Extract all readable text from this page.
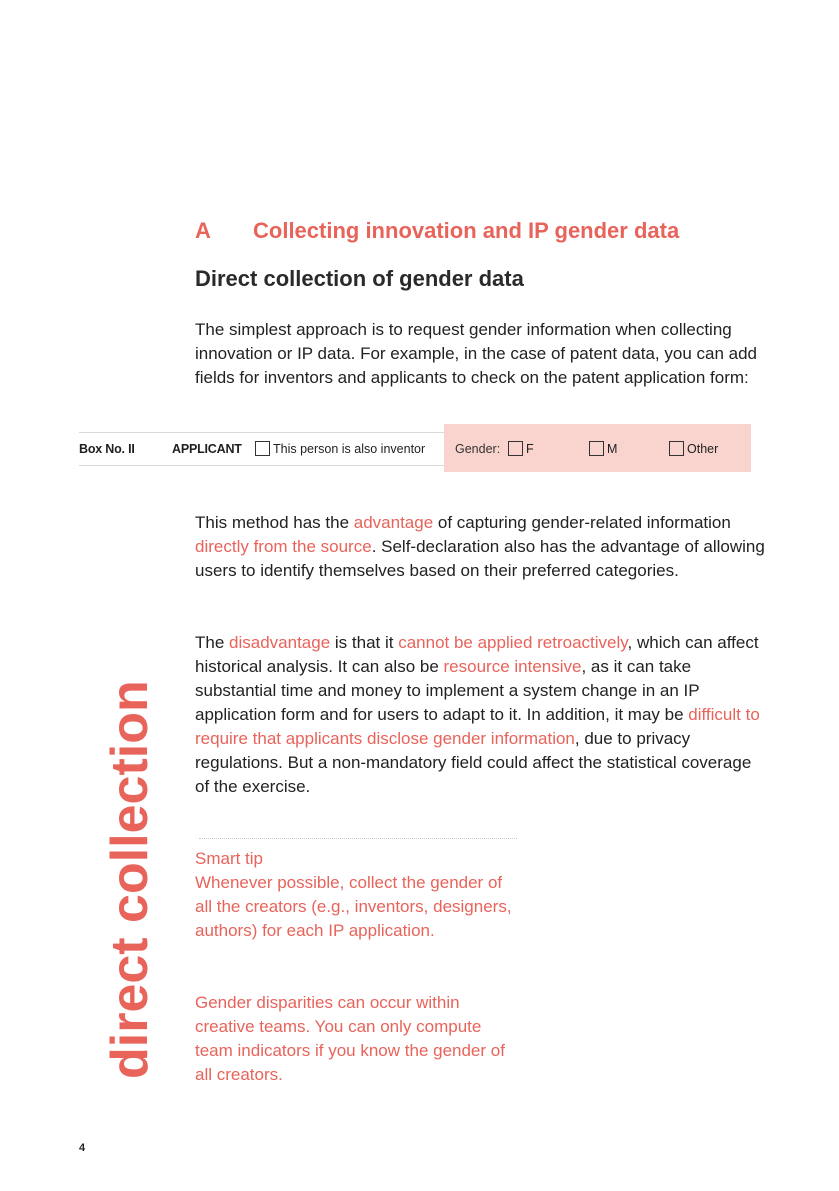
A Collecting innovation and IP gender data
Direct collection of gender data

The simplest approach is to request gender information when collecting innovation or IP data. For example, in the case of patent data, you can add fields for inventors and applicants to check on the patent application form:

Box No. II	APPLICANT	This person is also inventor Gender:	F	M	Other

This method has the advantage of capturing gender-related information directly from the source. Self-declaration also has the advantage of allowing users to identify themselves based on their preferred categories.

The disadvantage is that it cannot be applied retroactively, which can affect historical analysis. It can also be resource intensive, as it can take substantial time and money to implement a system change in an IP application form and for users to adapt to it. In addition, it may be difficult to require that applicants disclose gender information, due to privacy regulations. But a non-mandatory field could affect the statistical coverage of the exercise.

Smart tip

Whenever possible, collect the gender of all the creators (e.g., inventors, designers, authors) for each IP application.

Gender disparities can occur within creative teams. You can only compute team indicators if you know the gender of all creators.

direct collection
4
